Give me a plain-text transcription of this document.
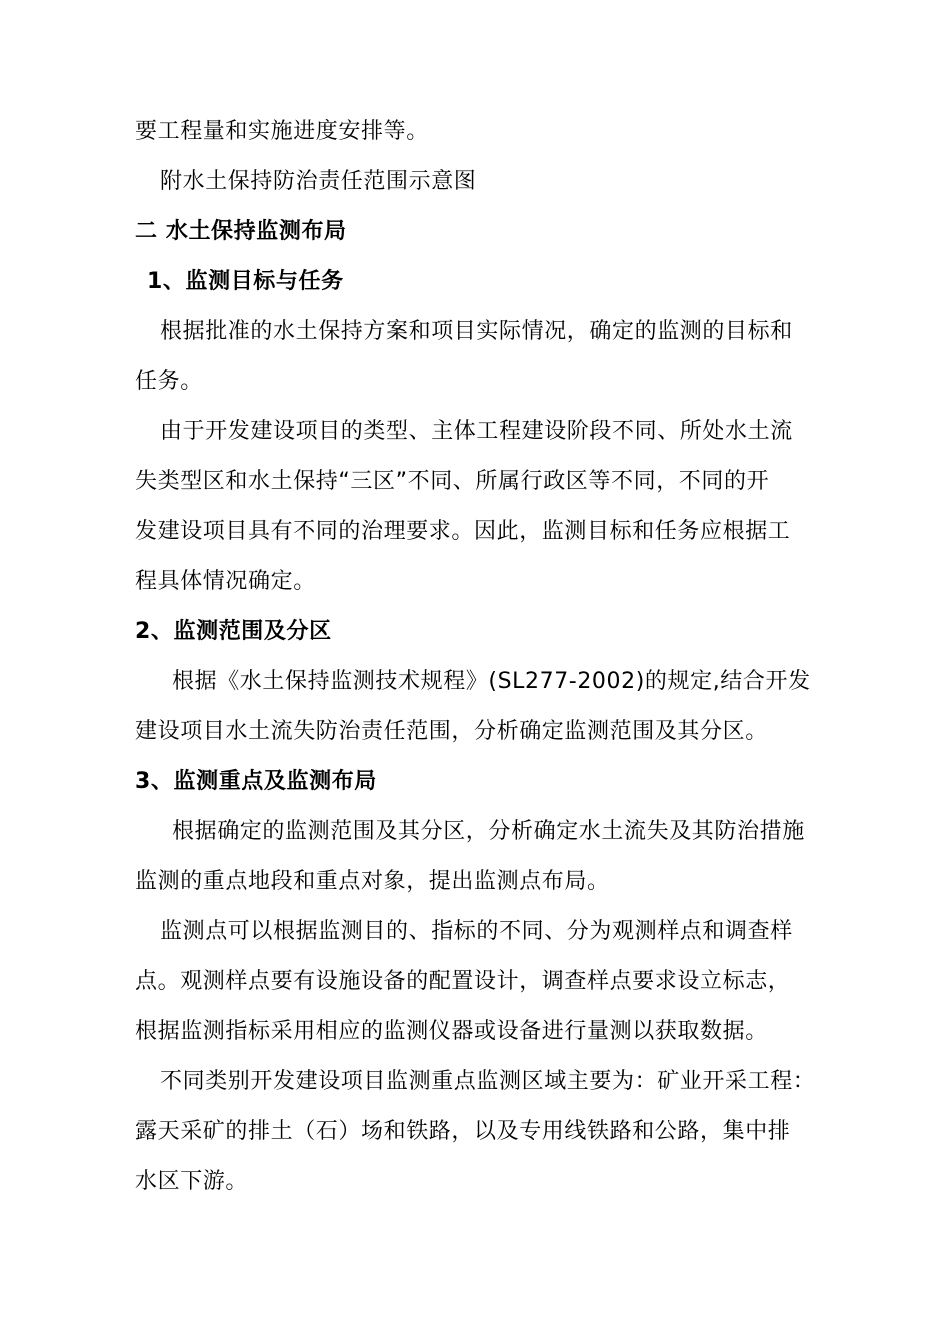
要工程量和实施进度安排等。
附水土保持防治责任范围示意图
二 水土保持监测布局
1、监测目标与任务
根据批准的水土保持方案和项目实际情况，确定的监测的目标和
任务。
由于开发建设项目的类型、主体工程建设阶段不同、所处水土流
失类型区和水土保持“三区”不同、所属行政区等不同，不同的开
发建设项目具有不同的治理要求。因此，监测目标和任务应根据工
程具体情况确定。
2、监测范围及分区
根据《水土保持监测技术规程》(SL277-2002)的规定,结合开发
建设项目水土流失防治责任范围，分析确定监测范围及其分区。
3、监测重点及监测布局
根据确定的监测范围及其分区，分析确定水土流失及其防治措施
监测的重点地段和重点对象，提出监测点布局。
监测点可以根据监测目的、指标的不同、分为观测样点和调查样
点。观测样点要有设施设备的配置设计，调查样点要求设立标志，
根据监测指标采用相应的监测仪器或设备进行量测以获取数据。
不同类别开发建设项目监测重点监测区域主要为：矿业开采工程：
露天采矿的排土（石）场和铁路，以及专用线铁路和公路，集中排
水区下游。
